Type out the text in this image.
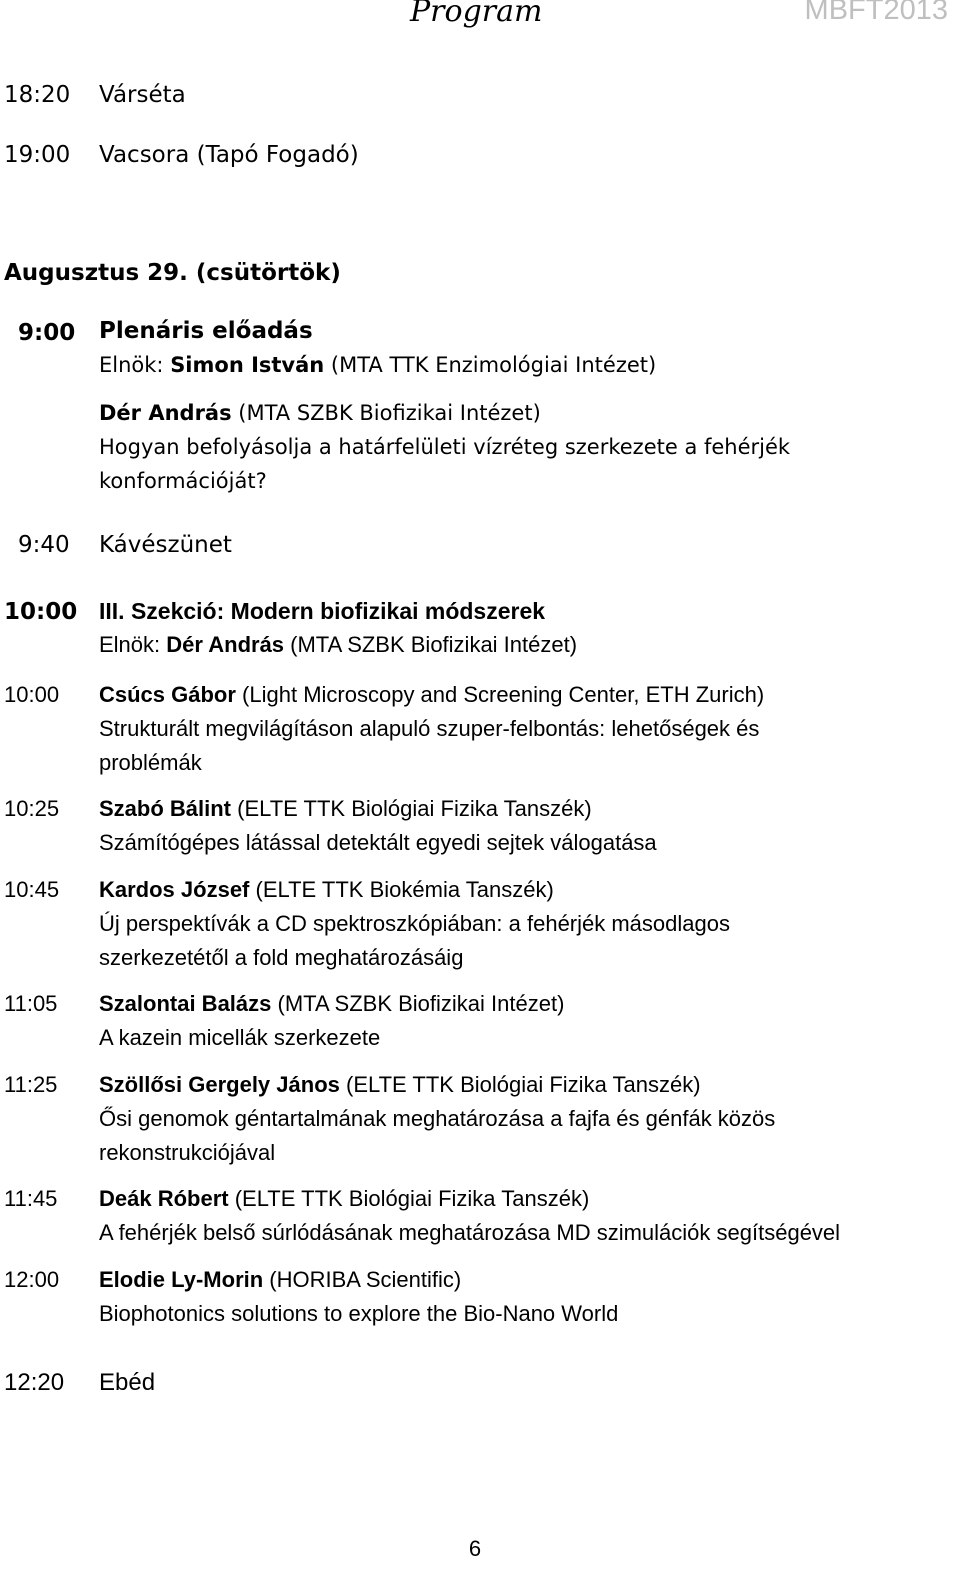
Program	MBFT2013
18:20 Várséta
19:00 Vacsora (Tapó Fogadó)
Augusztus 29. (csütörtök)
9:00 Plenáris előadás
Elnök: Simon István (MTA TTK Enzimológiai Intézet)
Dér András (MTA SZBK Biofizikai Intézet)
Hogyan befolyásolja a határfelületi vízréteg szerkezete a fehérjék
konformációját?
9:40 Kávészünet
10:00 III. Szekció: Modern biofizikai módszerek
Elnök: Dér András (MTA SZBK Biofizikai Intézet)
10:00 Csúcs Gábor (Light Microscopy and Screening Center, ETH Zurich)
Strukturált megvilágításon alapuló szuper-felbontás: lehetőségek és
problémák
10:25 Szabó Bálint (ELTE TTK Biológiai Fizika Tanszék)
Számítógépes látással detektált egyedi sejtek válogatása
10:45 Kardos József (ELTE TTK Biokémia Tanszék)
Új perspektívák a CD spektroszkópiában: a fehérjék másodlagos
szerkezetétől a fold meghatározásáig
11:05 Szalontai Balázs (MTA SZBK Biofizikai Intézet)
A kazein micellák szerkezete
11:25 Szöllősi Gergely János (ELTE TTK Biológiai Fizika Tanszék)
Ősi genomok géntartalmának meghatározása a fajfa és génfák közös
rekonstrukciójával
11:45 Deák Róbert (ELTE TTK Biológiai Fizika Tanszék)
A fehérjék belső súrlódásának meghatározása MD szimulációk segítségével
12:00 Elodie Ly-Morin (HORIBA Scientific)
Biophotonics solutions to explore the Bio-Nano World
12:20 Ebéd
6
